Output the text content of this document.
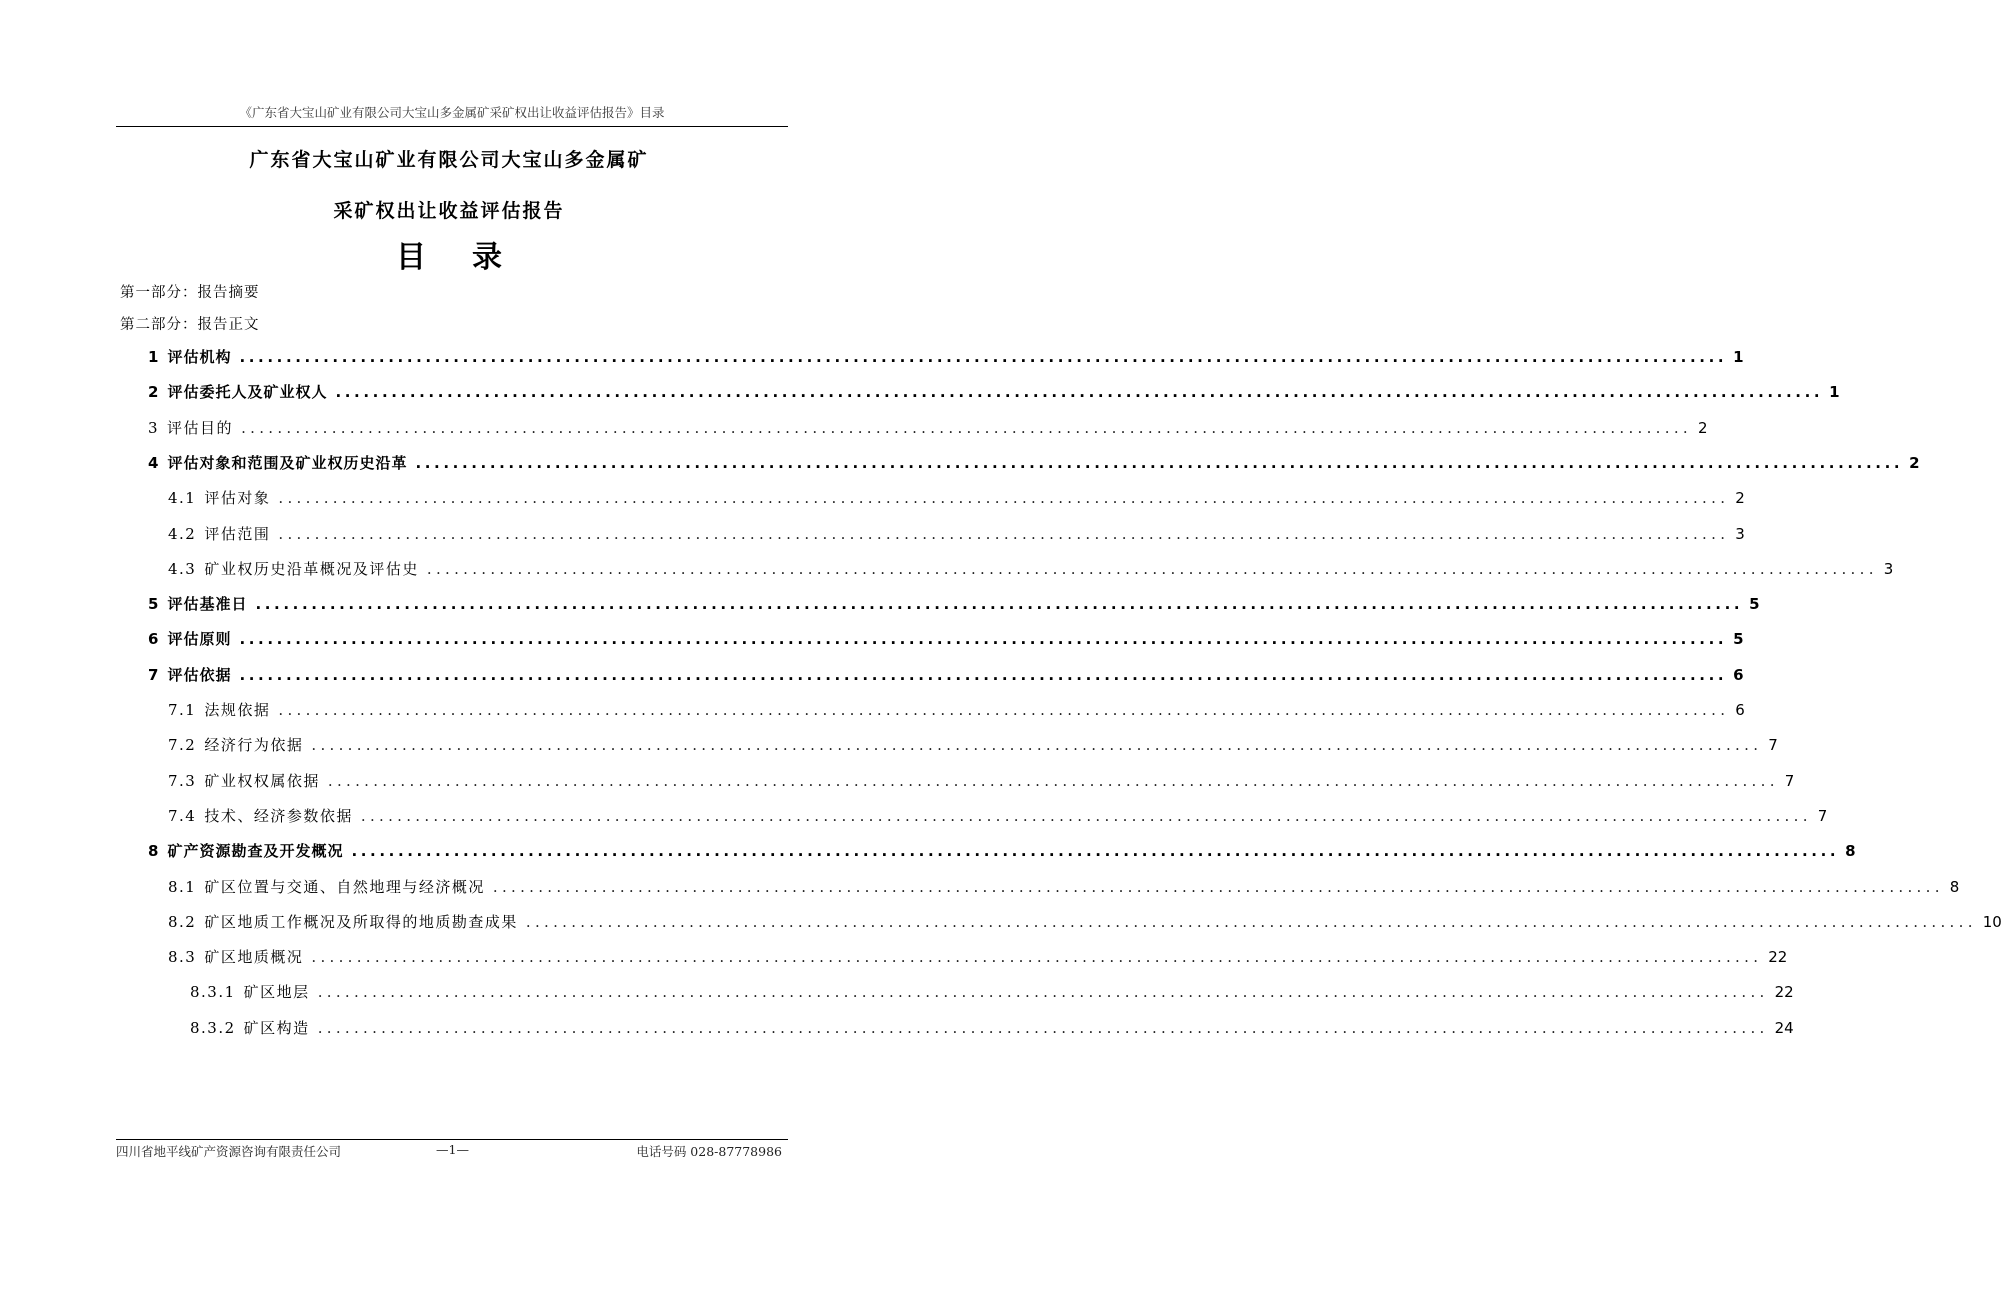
《广东省大宝山矿业有限公司大宝山多金属矿采矿权出让收益评估报告》目录
广东省大宝山矿业有限公司大宝山多金属矿
采矿权出让收益评估报告
目录
第一部分：报告摘要
第二部分：报告正文
1 评估机构 ................................................................................................................................................................ 1
2 评估委托人及矿业权人 ................................................................................................................................................................ 1
3 评估目的 ................................................................................................................................................................ 2
4 评估对象和范围及矿业权历史沿革 ................................................................................................................................................................ 2
4.1 评估对象 ................................................................................................................................................................ 2
4.2 评估范围 ................................................................................................................................................................ 3
4.3 矿业权历史沿革概况及评估史 ................................................................................................................................................................ 3
5 评估基准日 ................................................................................................................................................................ 5
6 评估原则 ................................................................................................................................................................ 5
7 评估依据 ................................................................................................................................................................ 6
7.1 法规依据 ................................................................................................................................................................ 6
7.2 经济行为依据 ................................................................................................................................................................ 7
7.3 矿业权权属依据 ................................................................................................................................................................ 7
7.4 技术、经济参数依据 ................................................................................................................................................................ 7
8 矿产资源勘查及开发概况 ................................................................................................................................................................ 8
8.1 矿区位置与交通、自然地理与经济概况 ................................................................................................................................................................ 8
8.2 矿区地质工作概况及所取得的地质勘查成果 ................................................................................................................................................................ 10
8.3 矿区地质概况 ................................................................................................................................................................ 22
8.3.1 矿区地层 ................................................................................................................................................................ 22
8.3.2 矿区构造 ................................................................................................................................................................ 24
四川省地平线矿产资源咨询有限责任公司	—1—	电话号码 028-87778986
